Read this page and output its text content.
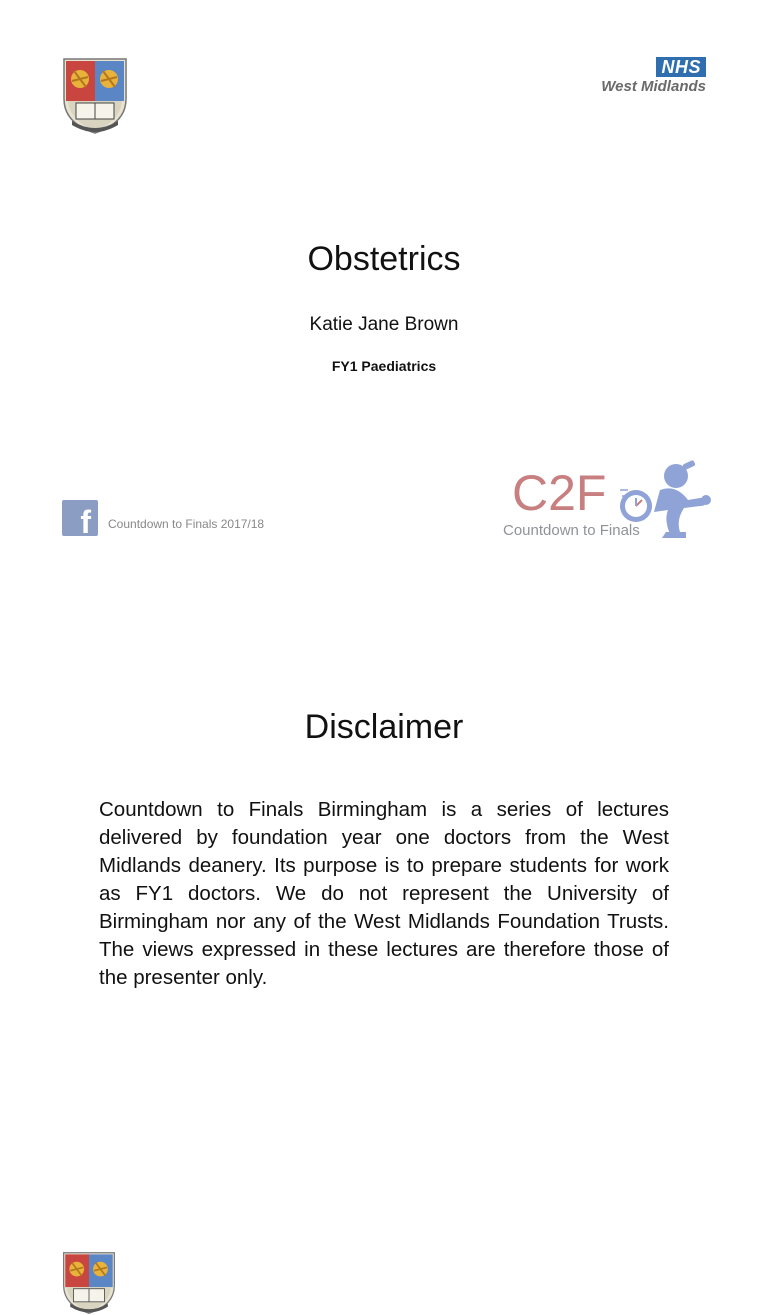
NHS
West Midlands
Obstetrics
Katie Jane Brown
FY1 Paediatrics
f Countdown to Finals 2017/18
C2F
Countdown to Finals
Disclaimer
Countdown to Finals Birmingham is a series of lectures delivered by foundation year one doctors from the West Midlands deanery. Its purpose is to prepare students for work as FY1 doctors. We do not represent the University of Birmingham nor any of the West Midlands Foundation Trusts. The views expressed in these lectures are therefore those of the presenter only.
